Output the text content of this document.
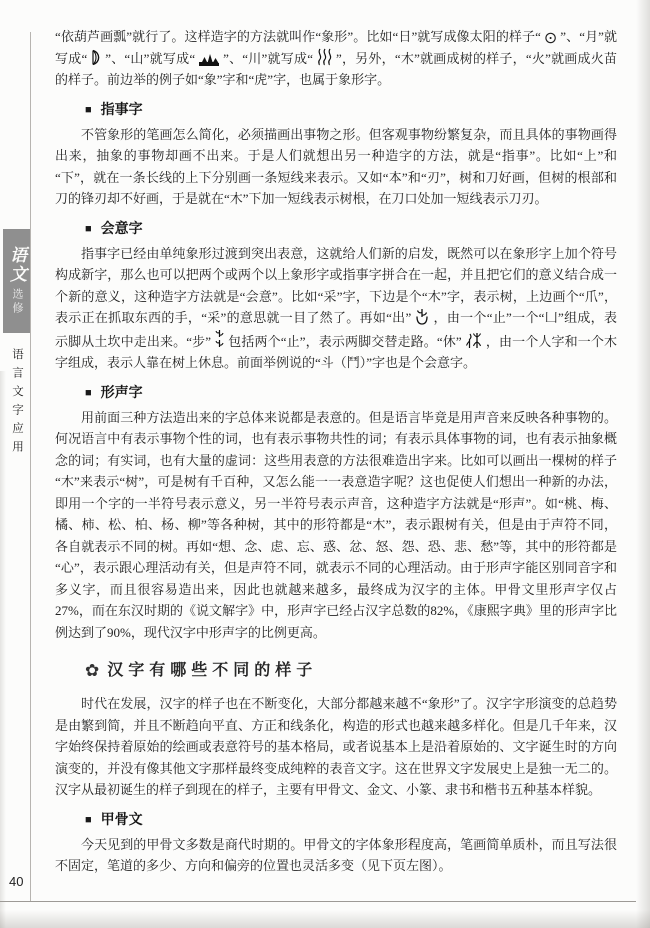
语文
选修
语言文字应用
40

“依葫芦画瓢”就行了。这样造字的方法就叫作“象形”。比如“日”就写成像太阳的样子“ ⊙ ”、“月”就写成“ ”、“山”就写成“ ”、“川”就写成“ ”，另外，“木”就画成树的样子，“火”就画成火苗的样子。前边举的例子如“象”字和“虎”字，也属于象形字。

■ 指事字

不管象形的笔画怎么简化，必须描画出事物之形。但客观事物纷繁复杂，而且具体的事物画得出来，抽象的事物却画不出来。于是人们就想出另一种造字的方法，就是“指事”。比如“上”和“下”，就在一条长线的上下分别画一条短线来表示。又如“本”和“刃”，树和刀好画，但树的根部和刀的锋刃却不好画，于是就在“木”下加一短线表示树根，在刀口处加一短线表示刀刃。

■ 会意字

指事字已经由单纯象形过渡到突出表意，这就给人们新的启发，既然可以在象形字上加个符号构成新字，那么也可以把两个或两个以上象形字或指事字拼合在一起，并且把它们的意义结合成一个新的意义，这种造字方法就是“会意”。比如“采”字，下边是个“木”字，表示树，上边画个“爪”，表示正在抓取东西的手，“采”的意思就一目了然了。再如“出” ，由一个“止”一个“凵”组成，表示脚从土坎中走出来。“步” 包括两个“止”，表示两脚交替走路。“休” ，由一个人字和一个木字组成，表示人靠在树上休息。前面举例说的“斗（鬥）”字也是个会意字。

■ 形声字

用前面三种方法造出来的字总体来说都是表意的。但是语言毕竟是用声音来反映各种事物的。何况语言中有表示事物个性的词，也有表示事物共性的词；有表示具体事物的词，也有表示抽象概念的词；有实词，也有大量的虚词：这些用表意的方法很难造出字来。比如可以画出一棵树的样子“木”来表示“树”，可是树有千百种，又怎么能一一表意造字呢？这也促使人们想出一种新的办法，即用一个字的一半符号表示意义，另一半符号表示声音，这种造字方法就是“形声”。如“桃、梅、橘、柿、松、柏、杨、柳”等各种树，其中的形符都是“木”，表示跟树有关，但是由于声符不同，各自就表示不同的树。再如“想、念、虑、忘、惑、忿、怒、怨、恐、悲、愁”等，其中的形符都是“心”，表示跟心理活动有关，但是声符不同，就表示不同的心理活动。由于形声字能区别同音字和多义字，而且很容易造出来，因此也就越来越多，最终成为汉字的主体。甲骨文里形声字仅占27%，而在东汉时期的《说文解字》中，形声字已经占汉字总数的82%，《康熙字典》里的形声字比例达到了90%，现代汉字中形声字的比例更高。

✿ 汉字有哪些不同的样子

时代在发展，汉字的样子也在不断变化，大部分都越来越不“象形”了。汉字字形演变的总趋势是由繁到简，并且不断趋向平直、方正和线条化，构造的形式也越来越多样化。但是几千年来，汉字始终保持着原始的绘画或表意符号的基本格局，或者说基本上是沿着原始的、文字诞生时的方向演变的，并没有像其他文字那样最终变成纯粹的表音文字。这在世界文字发展史上是独一无二的。汉字从最初诞生的样子到现在的样子，主要有甲骨文、金文、小篆、隶书和楷书五种基本样貌。

■ 甲骨文

今天见到的甲骨文多数是商代时期的。甲骨文的字体象形程度高，笔画简单质朴，而且写法很不固定，笔道的多少、方向和偏旁的位置也灵活多变（见下页左图）。
